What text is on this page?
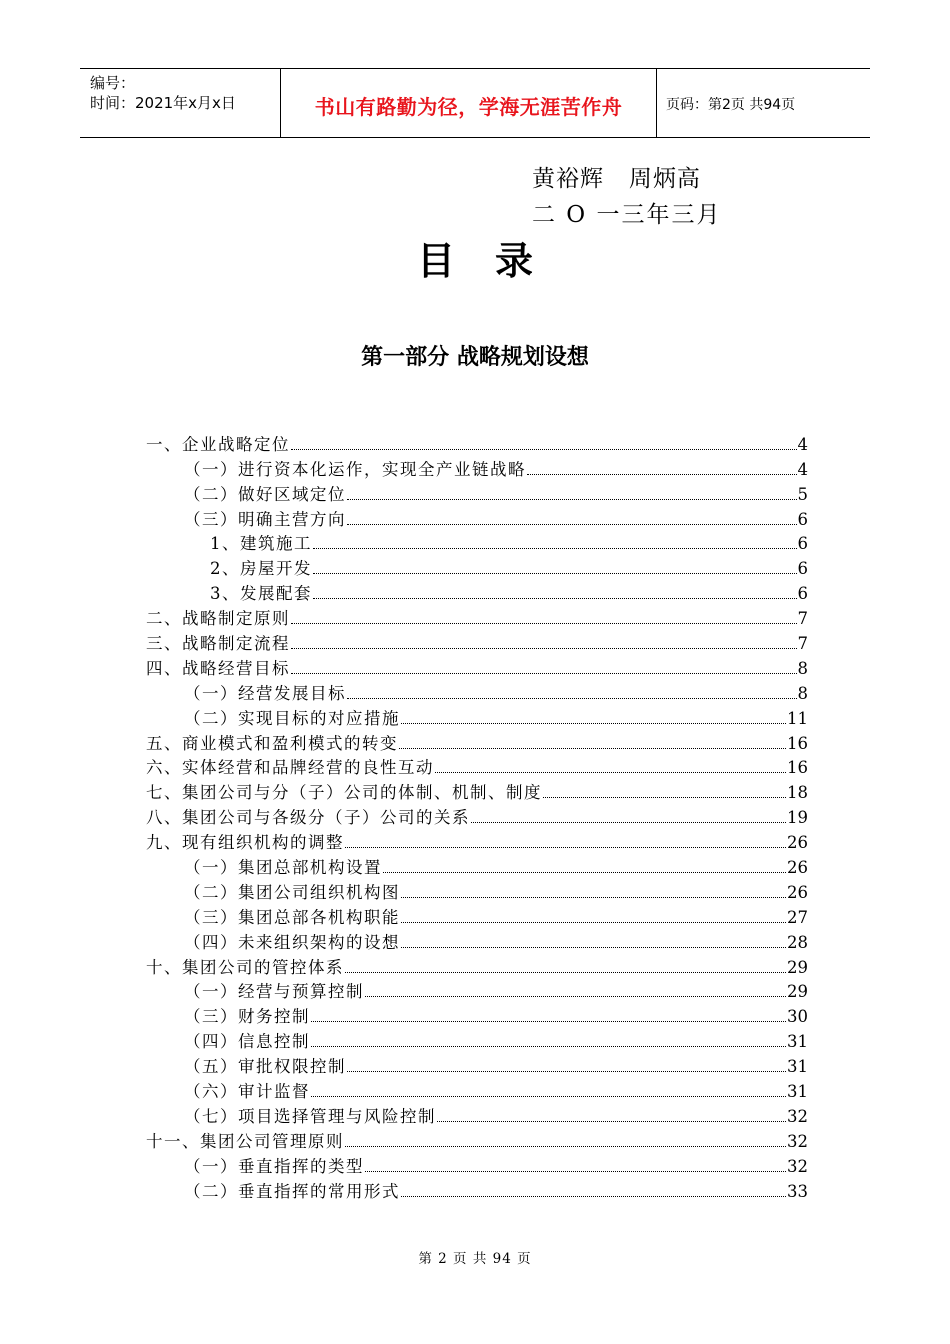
编号：
时间：2021年x月x日	书山有路勤为径，学海无涯苦作舟	页码：第2页 共94页
黄裕辉   周炳高
二 O 一三年三月
目录
第一部分 战略规划设想
一、企业战略定位	4
（一）进行资本化运作，实现全产业链战略	4
（二）做好区域定位	5
（三）明确主营方向	6
1、建筑施工	6
2、房屋开发	6
3、发展配套	6
二、战略制定原则	7
三、战略制定流程	7
四、战略经营目标	8
（一）经营发展目标	8
（二）实现目标的对应措施	11
五、商业模式和盈利模式的转变	16
六、实体经营和品牌经营的良性互动	16
七、集团公司与分（子）公司的体制、机制、制度	18
八、集团公司与各级分（子）公司的关系	19
九、现有组织机构的调整	26
（一）集团总部机构设置	26
（二）集团公司组织机构图	26
（三）集团总部各机构职能	27
（四）未来组织架构的设想	28
十、集团公司的管控体系	29
（一）经营与预算控制	29
（三）财务控制	30
（四）信息控制	31
（五）审批权限控制	31
（六）审计监督	31
（七）项目选择管理与风险控制	32
十一、集团公司管理原则	32
（一）垂直指挥的类型	32
（二）垂直指挥的常用形式	33
第 2 页 共 94 页
